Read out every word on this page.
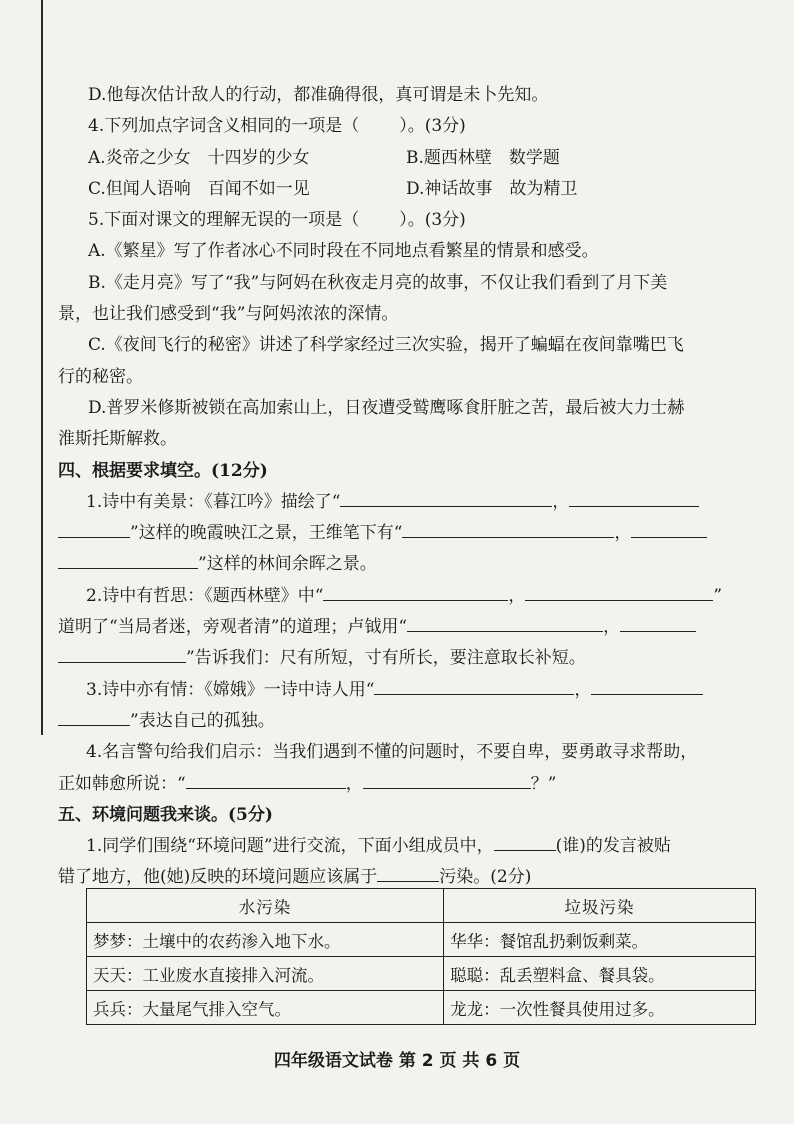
D.他每次估计敌人的行动，都准确得很，真可谓是未卜先知。

4.下列加点字词含义相同的一项是（ ）。(3分)

A.炎帝之少女　十四岁的少女	B.题西林壁　数学题
C.但闻人语响　百闻不如一见	D.神话故事　故为精卫

5.下面对课文的理解无误的一项是（ ）。(3分)

A.《繁星》写了作者冰心不同时段在不同地点看繁星的情景和感受。

B.《走月亮》写了“我”与阿妈在秋夜走月亮的故事，不仅让我们看到了月下美

景，也让我们感受到“我”与阿妈浓浓的深情。

C.《夜间飞行的秘密》讲述了科学家经过三次实验，揭开了蝙蝠在夜间靠嘴巴飞

行的秘密。

D.普罗米修斯被锁在高加索山上，日夜遭受鹫鹰啄食肝脏之苦，最后被大力士赫

淮斯托斯解救。

四、根据要求填空。(12分)

1.诗中有美景：《暮江吟》描绘了“	，

”这样的晚霞映江之景，王维笔下有“	，

”这样的林间余晖之景。

2.诗中有哲思：《题西林壁》中“	，	”

道明了“当局者迷，旁观者清”的道理；卢钺用“	，

”告诉我们：尺有所短，寸有所长，要注意取长补短。

3.诗中亦有情：《嫦娥》一诗中诗人用“	，

”表达自己的孤独。

4.名言警句给我们启示：当我们遇到不懂的问题时，不要自卑，要勇敢寻求帮助，

正如韩愈所说：“	，	？”

五、环境问题我来谈。(5分)

1.同学们围绕“环境问题”进行交流，下面小组成员中，	(谁)的发言被贴

错了地方，他(她)反映的环境问题应该属于	污染。(2分)

水污染	垃圾污染
梦梦：土壤中的农药渗入地下水。	华华：餐馆乱扔剩饭剩菜。
天天：工业废水直接排入河流。	聪聪：乱丢塑料盒、餐具袋。
兵兵：大量尾气排入空气。	龙龙：一次性餐具使用过多。
四年级语文试卷 第 2 页 共 6 页
